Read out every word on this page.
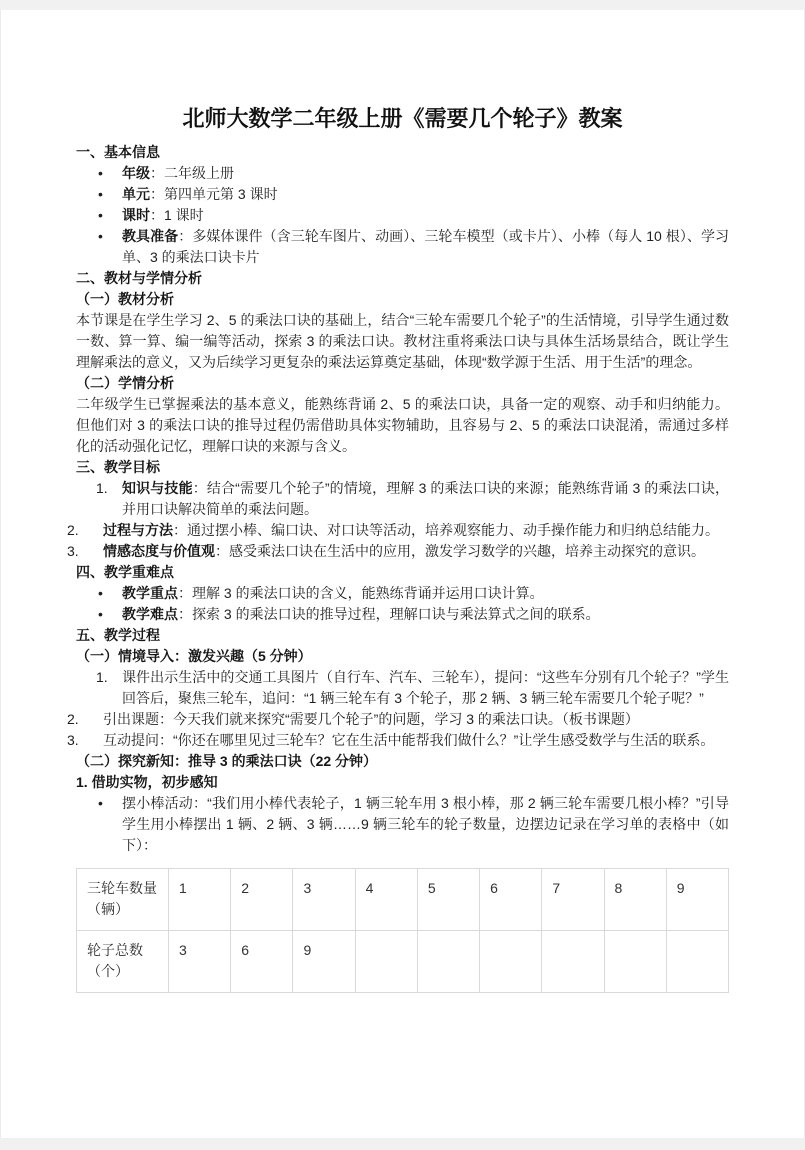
北师大数学二年级上册《需要几个轮子》教案
一、基本信息
•	年级：二年级上册
•	单元：第四单元第 3 课时
•	课时：1 课时
•	教具准备：多媒体课件（含三轮车图片、动画）、三轮车模型（或卡片）、小棒（每人 10 根）、学习单、3 的乘法口诀卡片
二、教材与学情分析
（一）教材分析

本节课是在学生学习 2、5 的乘法口诀的基础上，结合“三轮车需要几个轮子”的生活情境，引导学生通过数一数、算一算、编一编等活动，探索 3 的乘法口诀。教材注重将乘法口诀与具体生活场景结合，既让学生理解乘法的意义，又为后续学习更复杂的乘法运算奠定基础，体现“数学源于生活、用于生活”的理念。

（二）学情分析

二年级学生已掌握乘法的基本意义，能熟练背诵 2、5 的乘法口诀，具备一定的观察、动手和归纳能力。但他们对 3 的乘法口诀的推导过程仍需借助具体实物辅助，且容易与 2、5 的乘法口诀混淆，需通过多样化的活动强化记忆，理解口诀的来源与含义。

三、教学目标
1.	知识与技能：结合“需要几个轮子”的情境，理解 3 的乘法口诀的来源；能熟练背诵 3 的乘法口诀，并用口诀解决简单的乘法问题。
2.	过程与方法：通过摆小棒、编口诀、对口诀等活动，培养观察能力、动手操作能力和归纳总结能力。
3.	情感态度与价值观：感受乘法口诀在生活中的应用，激发学习数学的兴趣，培养主动探究的意识。
四、教学重难点
•	教学重点：理解 3 的乘法口诀的含义，能熟练背诵并运用口诀计算。
•	教学难点：探索 3 的乘法口诀的推导过程，理解口诀与乘法算式之间的联系。
五、教学过程
（一）情境导入：激发兴趣（5 分钟）
1.	课件出示生活中的交通工具图片（自行车、汽车、三轮车），提问：“这些车分别有几个轮子？”学生回答后，聚焦三轮车，追问：“1 辆三轮车有 3 个轮子，那 2 辆、3 辆三轮车需要几个轮子呢？”
2.	引出课题：今天我们就来探究“需要几个轮子”的问题，学习 3 的乘法口诀。（板书课题）
3.	互动提问：“你还在哪里见过三轮车？它在生活中能帮我们做什么？”让学生感受数学与生活的联系。
（二）探究新知：推导 3 的乘法口诀（22 分钟）
1. 借助实物，初步感知
•	摆小棒活动：“我们用小棒代表轮子，1 辆三轮车用 3 根小棒，那 2 辆三轮车需要几根小棒？”引导学生用小棒摆出 1 辆、2 辆、3 辆……9 辆三轮车的轮子数量，边摆边记录在学习单的表格中（如下）：
三轮车数量（辆）	1	2	3	4	5	6	7	8	9
轮子总数（个）	3	6	9						
